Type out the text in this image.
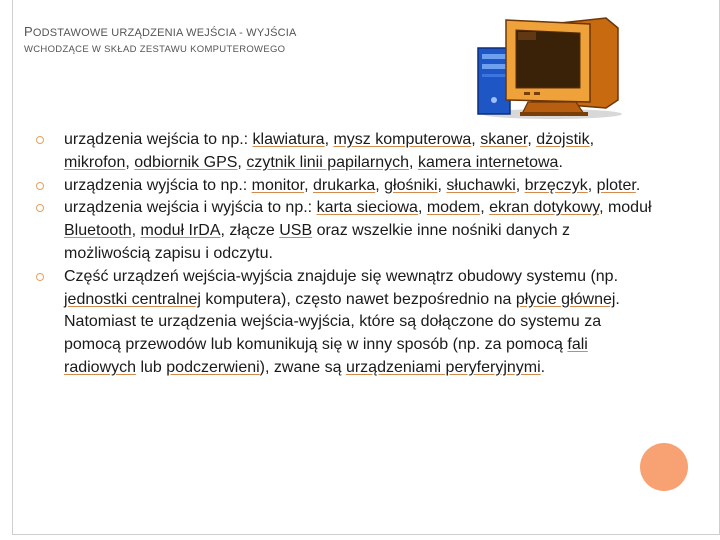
PODSTAWOWE URZĄDZENIA WEJŚCIA - WYJŚCIA
WCHODZĄCE W SKŁAD ZESTAWU KOMPUTEROWEGO
urządzenia wejścia to np.: klawiatura, mysz komputerowa, skaner, dżojstik, mikrofon, odbiornik GPS, czytnik linii papilarnych, kamera internetowa.
urządzenia wyjścia to np.: monitor, drukarka, głośniki, słuchawki, brzęczyk, ploter.
urządzenia wejścia i wyjścia to np.: karta sieciowa, modem, ekran dotykowy, moduł Bluetooth, moduł IrDA, złącze USB oraz wszelkie inne nośniki danych z możliwością zapisu i odczytu.
Część urządzeń wejścia-wyjścia znajduje się wewnątrz obudowy systemu (np. jednostki centralnej komputera), często nawet bezpośrednio na płycie głównej. Natomiast te urządzenia wejścia-wyjścia, które są dołączone do systemu za pomocą przewodów lub komunikują się w inny sposób (np. za pomocą fali radiowych lub podczerwieni), zwane są urządzeniami peryferyjnymi.
